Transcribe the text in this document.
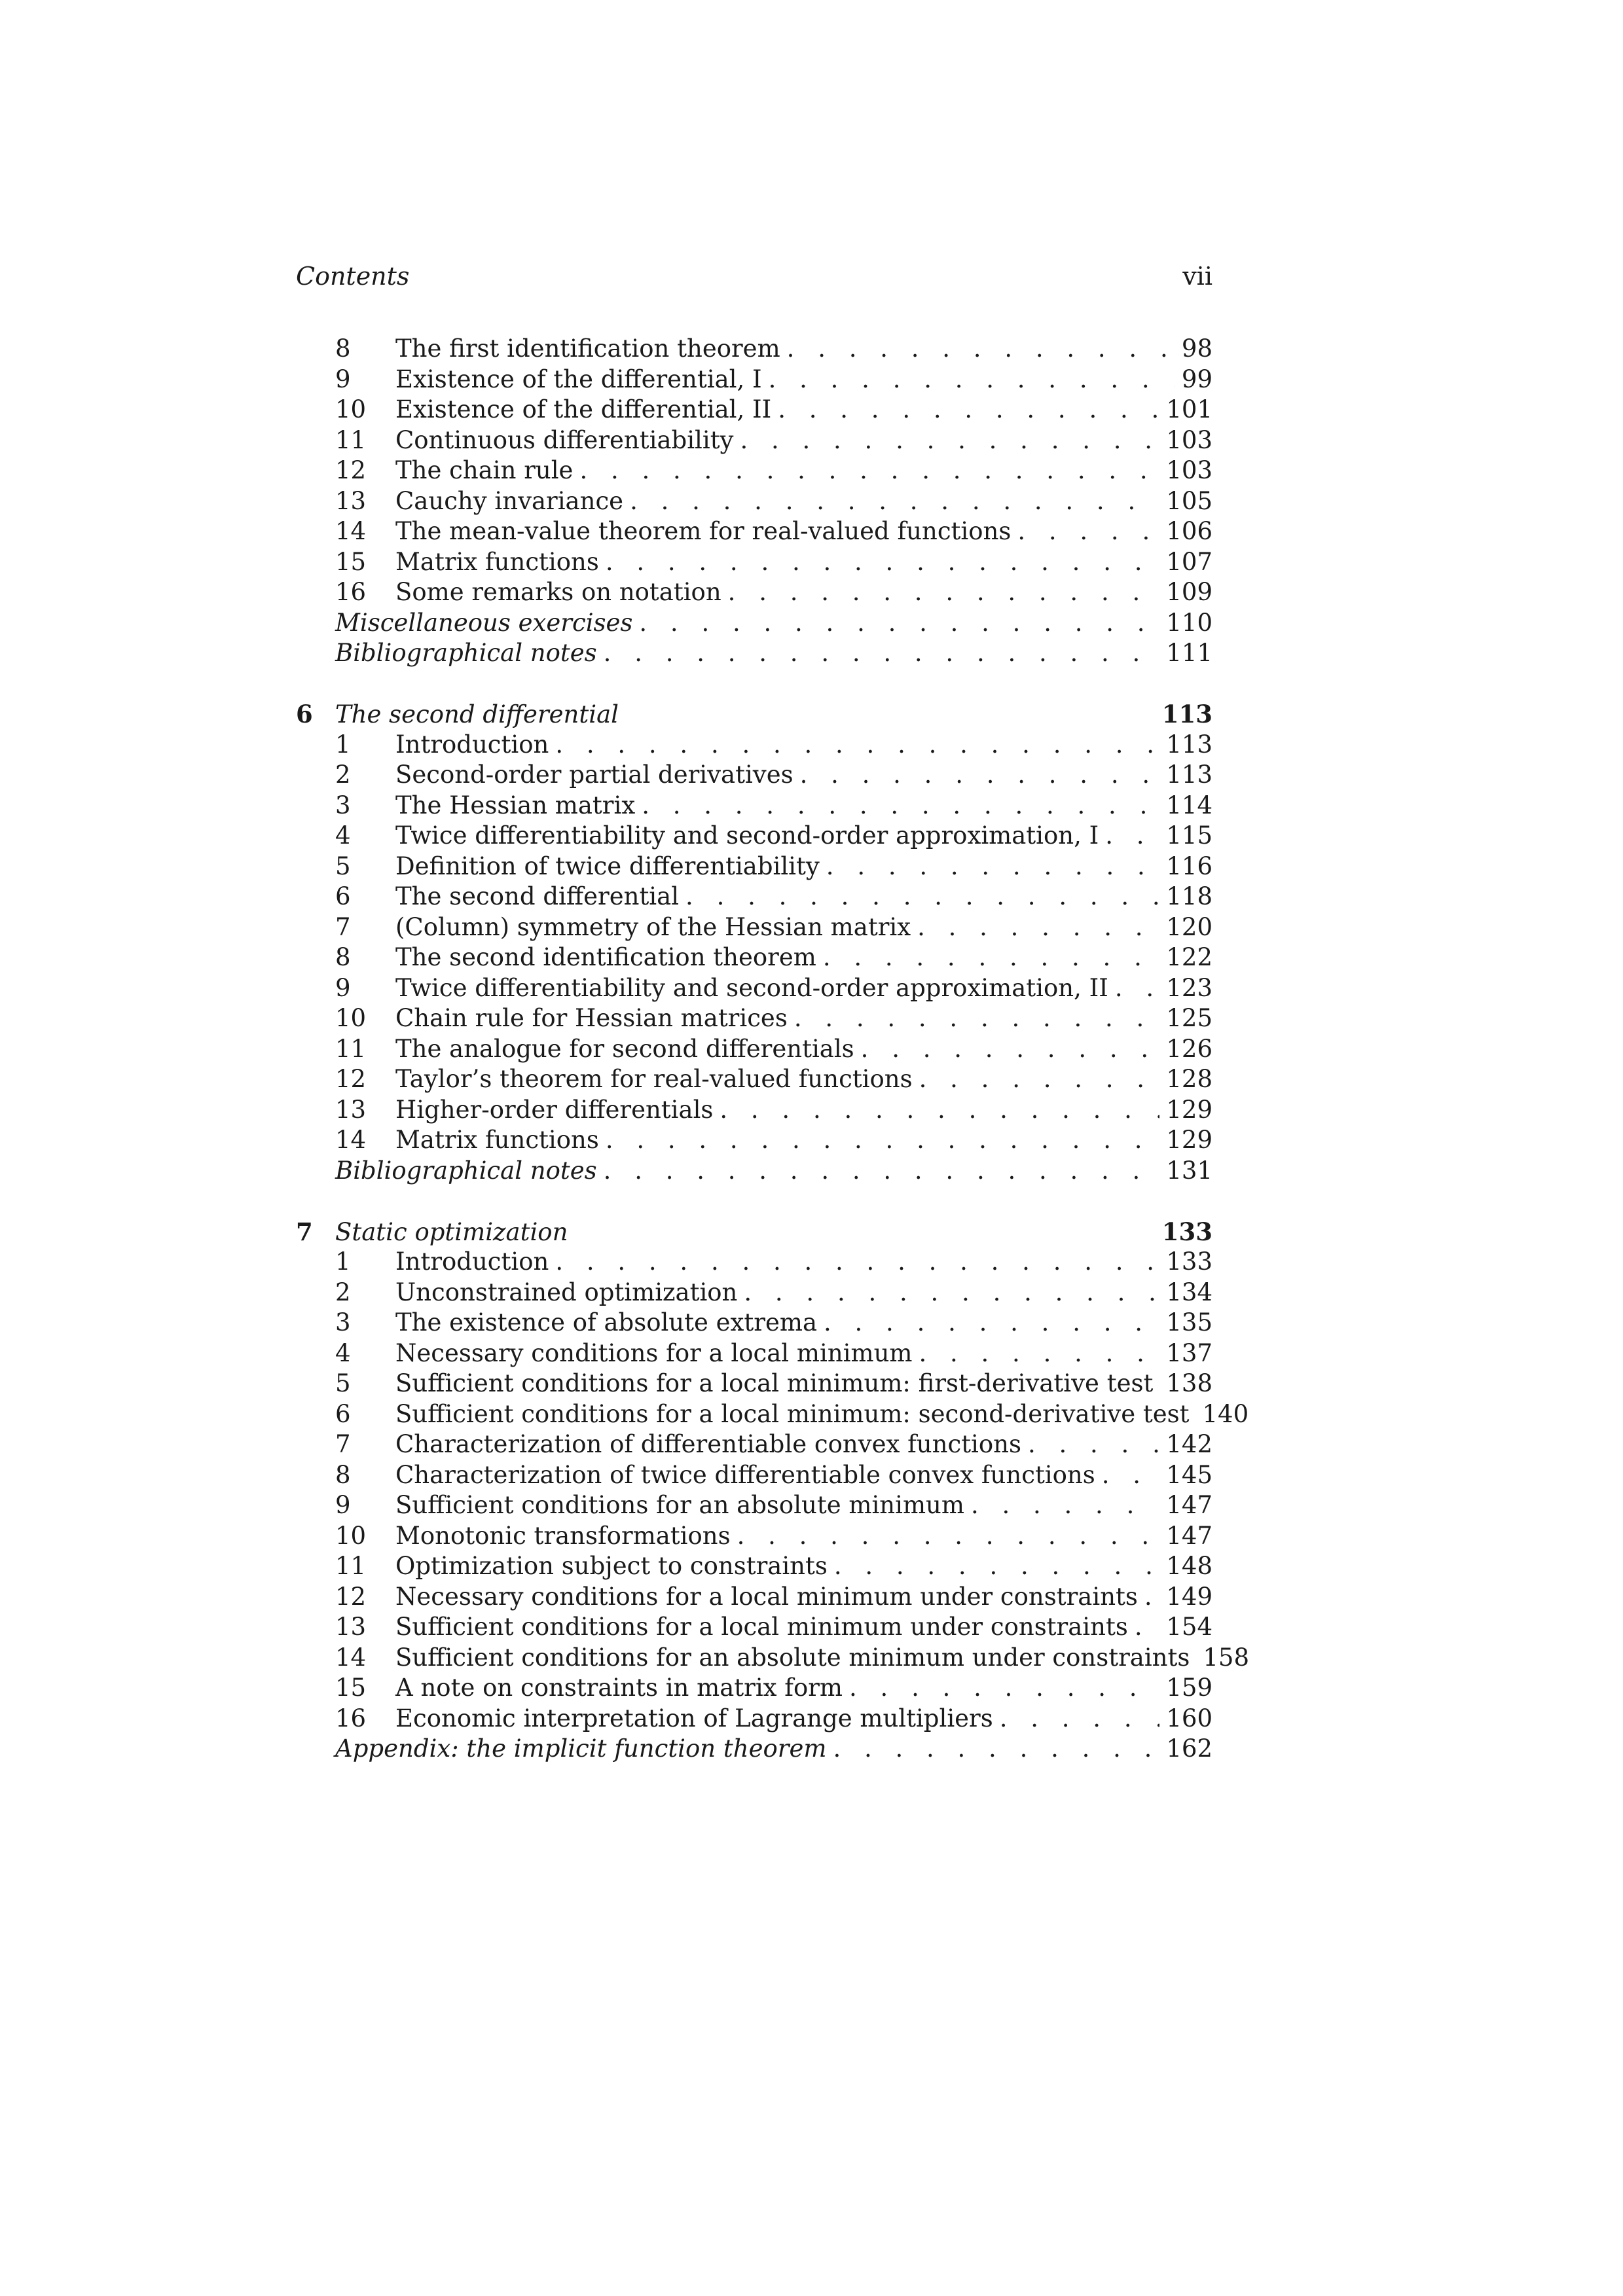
Contents	vii
8	The first identification theorem . . .	98
9	Existence of the differential, I . . .	99
10	Existence of the differential, II . . .	101
11	Continuous differentiability . . .	103
12	The chain rule . . .	103
13	Cauchy invariance . . .	105
14	The mean-value theorem for real-valued functions . . .	106
15	Matrix functions . . .	107
16	Some remarks on notation . . .	109
Miscellaneous exercises . . .	110
Bibliographical notes . . .	111
6 The second differential	113
1	Introduction . . .	113
2	Second-order partial derivatives . . .	113
3	The Hessian matrix . . .	114
4	Twice differentiability and second-order approximation, I . . .	115
5	Definition of twice differentiability . . .	116
6	The second differential . . .	118
7	(Column) symmetry of the Hessian matrix . . .	120
8	The second identification theorem . . .	122
9	Twice differentiability and second-order approximation, II . . . 123
10	Chain rule for Hessian matrices . . .	125
11	The analogue for second differentials . . .	126
12	Taylor’s theorem for real-valued functions . . .	128
13	Higher-order differentials . . .	129
14	Matrix functions . . .	129
Bibliographical notes . . .	131
7 Static optimization	133
1	Introduction . . .	133
2	Unconstrained optimization . . .	134
3	The existence of absolute extrema . . .	135
4	Necessary conditions for a local minimum . . .	137
5	Sufficient conditions for a local minimum: first-derivative test . . . 138
6	Sufficient conditions for a local minimum: second-derivative test 140
7	Characterization of differentiable convex functions . . .	142
8	Characterization of twice differentiable convex functions . . .	145
9	Sufficient conditions for an absolute minimum . . .	147
10	Monotonic transformations . . .	147
11	Optimization subject to constraints . . .	148
12	Necessary conditions for a local minimum under constraints . . . 149
13	Sufficient conditions for a local minimum under constraints . . . 154
14	Sufficient conditions for an absolute minimum under constraints 158
15	A note on constraints in matrix form . . .	159
16	Economic interpretation of Lagrange multipliers . . .	160
Appendix: the implicit function theorem . . .	162
